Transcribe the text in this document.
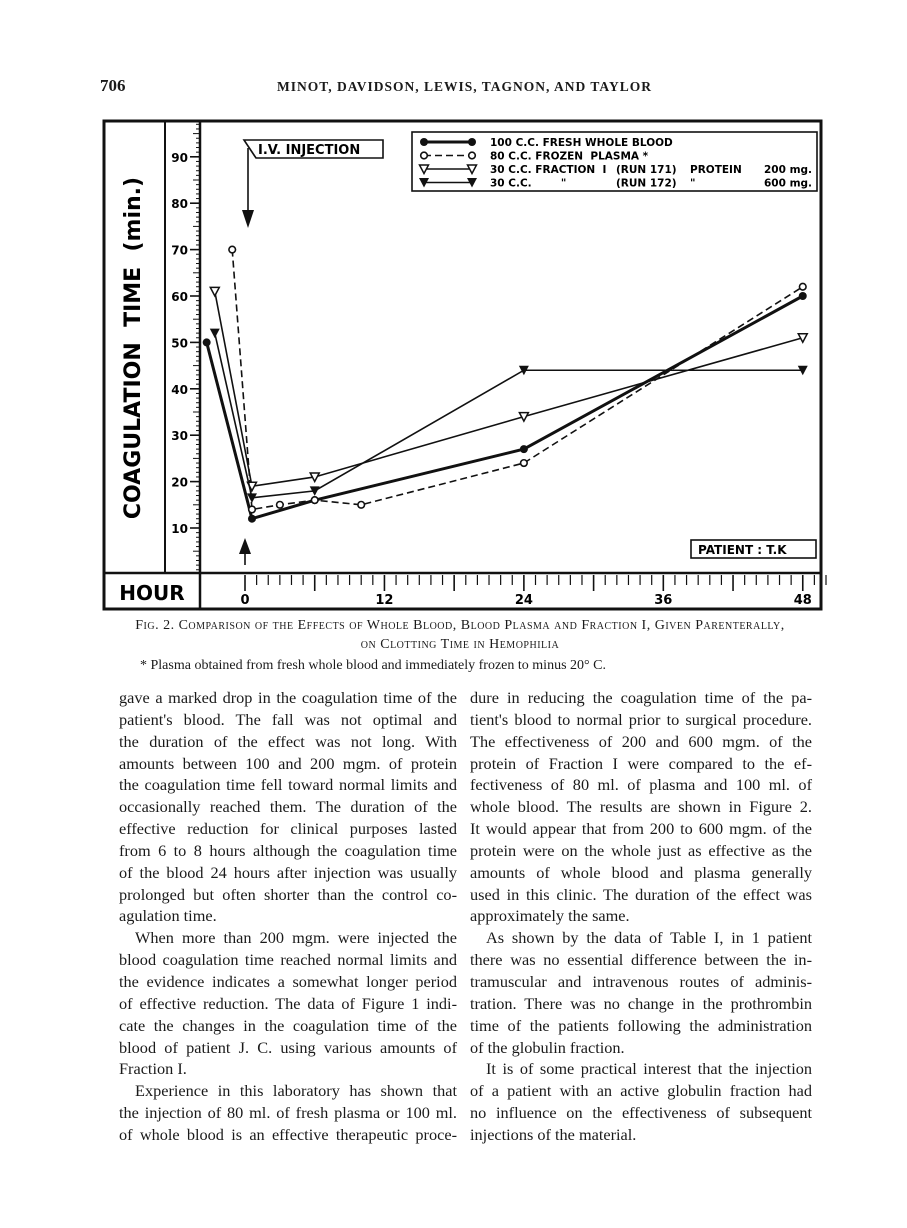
706	MINOT, DAVIDSON, LEWIS, TAGNON, AND TAYLOR
COAGULATION  TIME  (min.)
HOUR
10
20
30
40
50
60
70
80
90
0	12	24	36	48
I.V. INJECTION	100 C.C. FRESH WHOLE BLOOD
80 C.C. FROZEN  PLASMA *
30 C.C. FRACTION  I (RUN 171) PROTEIN 200 mg.
30 C.C.        "	(RUN 172) "	600 mg.
PATIENT : T.K
Fig. 2. Comparison of the Effects of Whole Blood, Blood Plasma and Fraction I, Given Parenterally,
on Clotting Time in Hemophilia
* Plasma obtained from fresh whole blood and immediately frozen to minus 20° C.
gave a marked drop in the coagulation time of the
patient's blood. The fall was not optimal and
the duration of the effect was not long. With
amounts between 100 and 200 mgm. of protein
the coagulation time fell toward normal limits and
occasionally reached them. The duration of the
effective reduction for clinical purposes lasted
from 6 to 8 hours although the coagulation time
of the blood 24 hours after injection was usually
prolonged but often shorter than the control co-
agulation time.
When more than 200 mgm. were injected the
blood coagulation time reached normal limits and
the evidence indicates a somewhat longer period
of effective reduction. The data of Figure 1 indi-
cate the changes in the coagulation time of the
blood of patient J. C. using various amounts of
Fraction I.
Experience in this laboratory has shown that
the injection of 80 ml. of fresh plasma or 100 ml.
of whole blood is an effective therapeutic proce-
dure in reducing the coagulation time of the pa-
tient's blood to normal prior to surgical procedure.
The effectiveness of 200 and 600 mgm. of the
protein of Fraction I were compared to the ef-
fectiveness of 80 ml. of plasma and 100 ml. of
whole blood. The results are shown in Figure 2.
It would appear that from 200 to 600 mgm. of the
protein were on the whole just as effective as the
amounts of whole blood and plasma generally
used in this clinic. The duration of the effect was
approximately the same.
As shown by the data of Table I, in 1 patient
there was no essential difference between the in-
tramuscular and intravenous routes of adminis-
tration. There was no change in the prothrombin
time of the patients following the administration
of the globulin fraction.
It is of some practical interest that the injection
of a patient with an active globulin fraction had
no influence on the effectiveness of subsequent
injections of the material.
